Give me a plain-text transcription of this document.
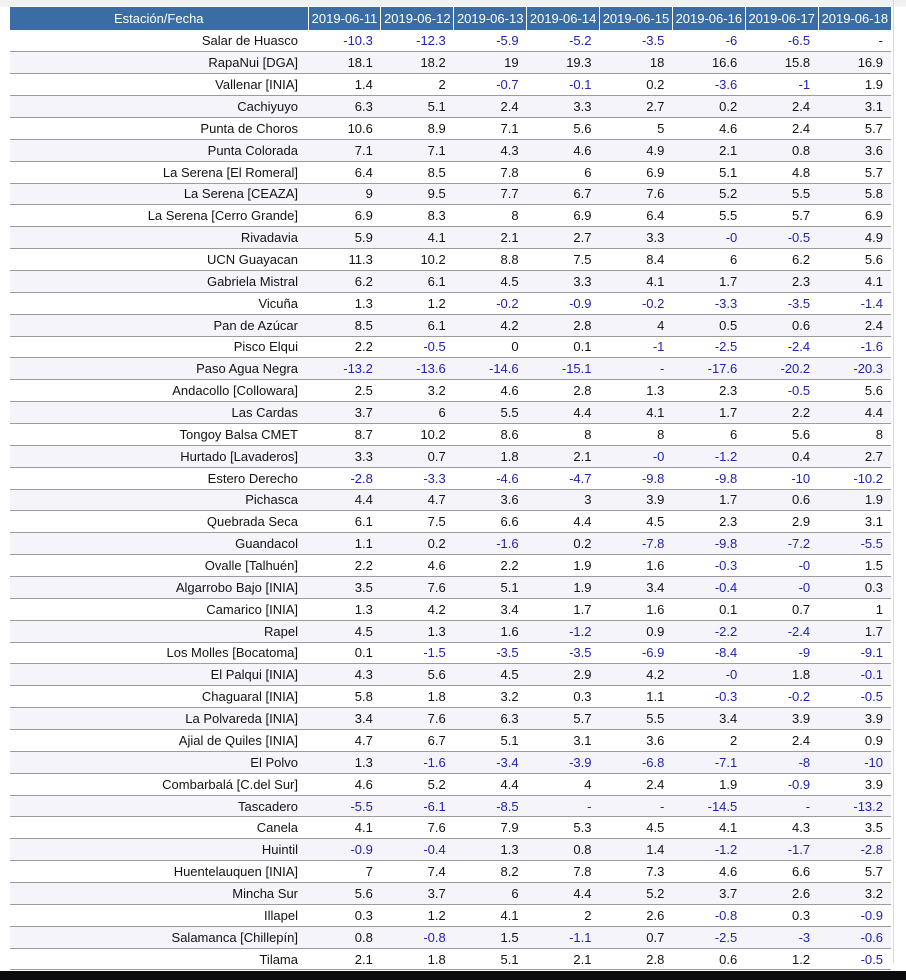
Estación/Fecha	2019-06-11	2019-06-12	2019-06-13	2019-06-14	2019-06-15	2019-06-16	2019-06-17	2019-06-18
Salar de Huasco	-10.3	-12.3	-5.9	-5.2	-3.5	-6	-6.5	-
RapaNui [DGA]	18.1	18.2	19	19.3	18	16.6	15.8	16.9
Vallenar [INIA]	1.4	2	-0.7	-0.1	0.2	-3.6	-1	1.9
Cachiyuyo	6.3	5.1	2.4	3.3	2.7	0.2	2.4	3.1
Punta de Choros	10.6	8.9	7.1	5.6	5	4.6	2.4	5.7
Punta Colorada	7.1	7.1	4.3	4.6	4.9	2.1	0.8	3.6
La Serena [El Romeral]	6.4	8.5	7.8	6	6.9	5.1	4.8	5.7
La Serena [CEAZA]	9	9.5	7.7	6.7	7.6	5.2	5.5	5.8
La Serena [Cerro Grande]	6.9	8.3	8	6.9	6.4	5.5	5.7	6.9
Rivadavia	5.9	4.1	2.1	2.7	3.3	-0	-0.5	4.9
UCN Guayacan	11.3	10.2	8.8	7.5	8.4	6	6.2	5.6
Gabriela Mistral	6.2	6.1	4.5	3.3	4.1	1.7	2.3	4.1
Vicuña	1.3	1.2	-0.2	-0.9	-0.2	-3.3	-3.5	-1.4
Pan de Azúcar	8.5	6.1	4.2	2.8	4	0.5	0.6	2.4
Pisco Elqui	2.2	-0.5	0	0.1	-1	-2.5	-2.4	-1.6
Paso Agua Negra	-13.2	-13.6	-14.6	-15.1	-	-17.6	-20.2	-20.3
Andacollo [Collowara]	2.5	3.2	4.6	2.8	1.3	2.3	-0.5	5.6
Las Cardas	3.7	6	5.5	4.4	4.1	1.7	2.2	4.4
Tongoy Balsa CMET	8.7	10.2	8.6	8	8	6	5.6	8
Hurtado [Lavaderos]	3.3	0.7	1.8	2.1	-0	-1.2	0.4	2.7
Estero Derecho	-2.8	-3.3	-4.6	-4.7	-9.8	-9.8	-10	-10.2
Pichasca	4.4	4.7	3.6	3	3.9	1.7	0.6	1.9
Quebrada Seca	6.1	7.5	6.6	4.4	4.5	2.3	2.9	3.1
Guandacol	1.1	0.2	-1.6	0.2	-7.8	-9.8	-7.2	-5.5
Ovalle [Talhuén]	2.2	4.6	2.2	1.9	1.6	-0.3	-0	1.5
Algarrobo Bajo [INIA]	3.5	7.6	5.1	1.9	3.4	-0.4	-0	0.3
Camarico [INIA]	1.3	4.2	3.4	1.7	1.6	0.1	0.7	1
Rapel	4.5	1.3	1.6	-1.2	0.9	-2.2	-2.4	1.7
Los Molles [Bocatoma]	0.1	-1.5	-3.5	-3.5	-6.9	-8.4	-9	-9.1
El Palqui [INIA]	4.3	5.6	4.5	2.9	4.2	-0	1.8	-0.1
Chaguaral [INIA]	5.8	1.8	3.2	0.3	1.1	-0.3	-0.2	-0.5
La Polvareda [INIA]	3.4	7.6	6.3	5.7	5.5	3.4	3.9	3.9
Ajial de Quiles [INIA]	4.7	6.7	5.1	3.1	3.6	2	2.4	0.9
El Polvo	1.3	-1.6	-3.4	-3.9	-6.8	-7.1	-8	-10
Combarbalá [C.del Sur]	4.6	5.2	4.4	4	2.4	1.9	-0.9	3.9
Tascadero	-5.5	-6.1	-8.5	-	-	-14.5	-	-13.2
Canela	4.1	7.6	7.9	5.3	4.5	4.1	4.3	3.5
Huintil	-0.9	-0.4	1.3	0.8	1.4	-1.2	-1.7	-2.8
Huentelauquen [INIA]	7	7.4	8.2	7.8	7.3	4.6	6.6	5.7
Mincha Sur	5.6	3.7	6	4.4	5.2	3.7	2.6	3.2
Illapel	0.3	1.2	4.1	2	2.6	-0.8	0.3	-0.9
Salamanca [Chillepín]	0.8	-0.8	1.5	-1.1	0.7	-2.5	-3	-0.6
Tilama	2.1	1.8	5.1	2.1	2.8	0.6	1.2	-0.5
